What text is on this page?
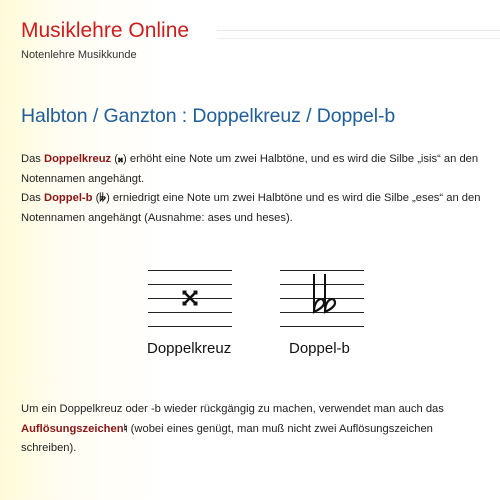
Musiklehre Online
Notenlehre Musikkunde
Halbton / Ganzton : Doppelkreuz / Doppel-b

Das Doppelkreuz (𝄪) erhöht eine Note um zwei Halbtöne, und es wird die Silbe „isis“ an den Notennamen angehängt.
Das Doppel-b (𝄫) erniedrigt eine Note um zwei Halbtöne und es wird die Silbe „eses“ an den Notennamen angehängt (Ausnahme: ases und heses).

Doppelkreuz	Doppel-b

Um ein Doppelkreuz oder -b wieder rückgängig zu machen, verwendet man auch das Auflösungszeichen♮ (wobei eines genügt, man muß nicht zwei Auflösungszeichen schreiben).
